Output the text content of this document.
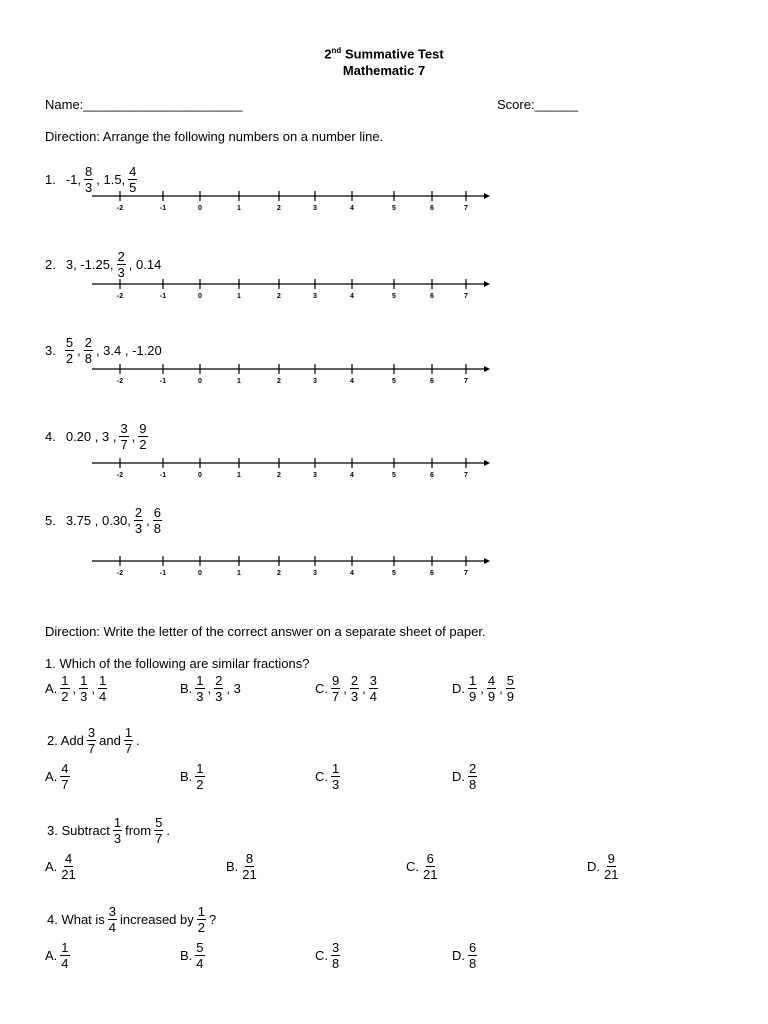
2nd Summative Test
Mathematic 7
Name:______________________	Score:______
Direction: Arrange the following numbers on a number line.
1. -1, $\frac{8}{3}$ , 1.5, $\frac{4}{5}$
-2	-1	0	1	2	3	4	5	6	7
2. 3, -1.25, $\frac{2}{3}$ , 0.14
-2	-1	0	1	2	3	4	5	6	7
3. $\frac{5}{2}$ , $\frac{2}{8}$ , 3.4 , -1.20
-2	-1	0	1	2	3	4	5	6	7
4. 0.20 , 3 , $\frac{3}{7}$ , $\frac{9}{2}$
-2	-1	0	1	2	3	4	5	6	7
5. 3.75 , 0.30, $\frac{2}{3}$ , $\frac{6}{8}$
-2	-1	0	1	2	3	4	5	6	7
Direction: Write the letter of the correct answer on a separate sheet of paper.
1. Which of the following are similar fractions?
A. $\frac{1}{2}$ , $\frac{1}{3}$ , $\frac{1}{4}$	B. $\frac{1}{3}$ , $\frac{2}{3}$ , 3	C. $\frac{9}{7}$ , $\frac{2}{3}$ , $\frac{3}{4}$	D. $\frac{1}{9}$ , $\frac{4}{9}$ , $\frac{5}{9}$
2. Add $\frac{3}{7}$ and $\frac{1}{7}$ .
A. $\frac{4}{7}$	B. $\frac{1}{2}$	C. $\frac{1}{3}$	D. $\frac{2}{8}$
3. Subtract $\frac{1}{3}$ from $\frac{5}{7}$ .
A. $\frac{4}{21}$	B. $\frac{8}{21}$	C. $\frac{6}{21}$	D. $\frac{9}{21}$
4. What is $\frac{3}{4}$ increased by $\frac{1}{2}$ ?
A. $\frac{1}{4}$	B. $\frac{5}{4}$	C. $\frac{3}{8}$	D. $\frac{6}{8}$
